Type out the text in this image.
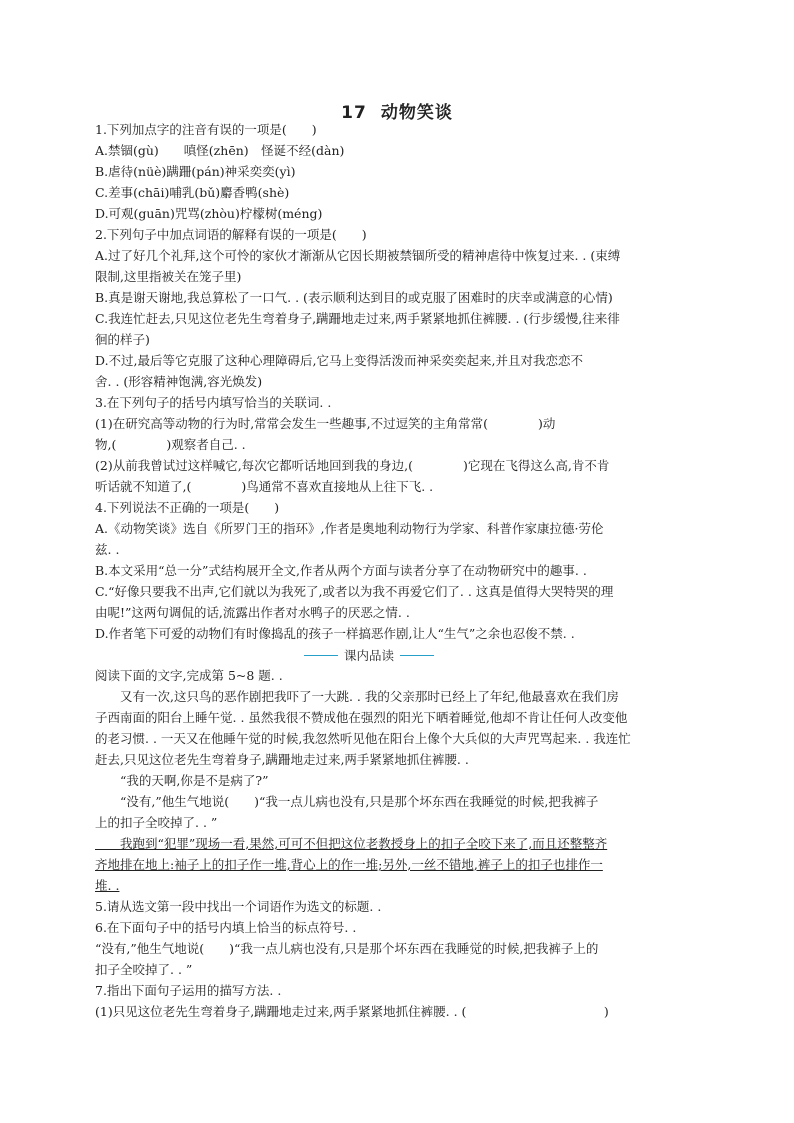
17 动物笑谈
1.下列加点字的注音有误的一项是(　　)
A.禁锢(gù)　　嗔怪(zhēn)　怪诞不经(dàn)
B.虐待(nüè)蹒跚(pán)神采奕奕(yì)
C.差事(chāi)哺乳(bǔ)麝香鸭(shè)
D.可观(guān)咒骂(zhòu)柠檬树(méng)
2.下列句子中加点词语的解释有误的一项是(　　)
A.过了好几个礼拜,这个可怜的家伙才渐渐从它因长期被禁锢所受的精神虐待中恢复过来. . (束缚
限制,这里指被关在笼子里)
B.真是谢天谢地,我总算松了一口气. . (表示顺利达到目的或克服了困难时的庆幸或满意的心情)
C.我连忙赶去,只见这位老先生弯着身子,蹒跚地走过来,两手紧紧地抓住裤腰. . (行步缓慢,往来徘
徊的样子)
D.不过,最后等它克服了这种心理障碍后,它马上变得活泼而神采奕奕起来,并且对我恋恋不
舍. . (形容精神饱满,容光焕发)
3.在下列句子的括号内填写恰当的关联词. .
(1)在研究高等动物的行为时,常常会发生一些趣事,不过逗笑的主角常常(　　　　)动
物,(　　　　)观察者自己. .
(2)从前我曾试过这样喊它,每次它都听话地回到我的身边,(　　　　)它现在飞得这么高,肯不肯
听话就不知道了,(　　　　)鸟通常不喜欢直接地从上往下飞. .
4.下列说法不正确的一项是(　　)
A.《动物笑谈》选自《所罗门王的指环》,作者是奥地利动物行为学家、科普作家康拉德·劳伦
兹. .
B.本文采用“总一分”式结构展开全文,作者从两个方面与读者分享了在动物研究中的趣事. .
C.“好像只要我不出声,它们就以为我死了,或者以为我不再爱它们了. . 这真是值得大哭特哭的理
由呢!”这两句调侃的话,流露出作者对水鸭子的厌恶之情. .
D.作者笔下可爱的动物们有时像捣乱的孩子一样搞恶作剧,让人“生气”之余也忍俊不禁. .
课内品读
阅读下面的文字,完成第 5~8 题. .
　　又有一次,这只鸟的恶作剧把我吓了一大跳. . 我的父亲那时已经上了年纪,他最喜欢在我们房
子西南面的阳台上睡午觉. . 虽然我很不赞成他在强烈的阳光下晒着睡觉,他却不肯让任何人改变他
的老习惯. . 一天又在他睡午觉的时候,我忽然听见他在阳台上像个大兵似的大声咒骂起来. . 我连忙
赶去,只见这位老先生弯着身子,蹒跚地走过来,两手紧紧地抓住裤腰. .
　　“我的天啊,你是不是病了?”
　　“没有,”他生气地说(　　)“我一点儿病也没有,只是那个坏东西在我睡觉的时候,把我裤子
上的扣子全咬掉了. . ”
　　我跑到“犯罪”现场一看,果然,可可不但把这位老教授身上的扣子全咬下来了,而且还整整齐
齐地排在地上:袖子上的扣子作一堆,背心上的作一堆;另外,一丝不错地,裤子上的扣子也排作一
堆. .
5.请从选文第一段中找出一个词语作为选文的标题. .
6.在下面句子中的括号内填上恰当的标点符号. .
“没有,”他生气地说(　　)“我一点儿病也没有,只是那个坏东西在我睡觉的时候,把我裤子上的
扣子全咬掉了. . ”
7.指出下面句子运用的描写方法. .
(1)只见这位老先生弯着身子,蹒跚地走过来,两手紧紧地抓住裤腰. . (　　　　　　　　　　　)
